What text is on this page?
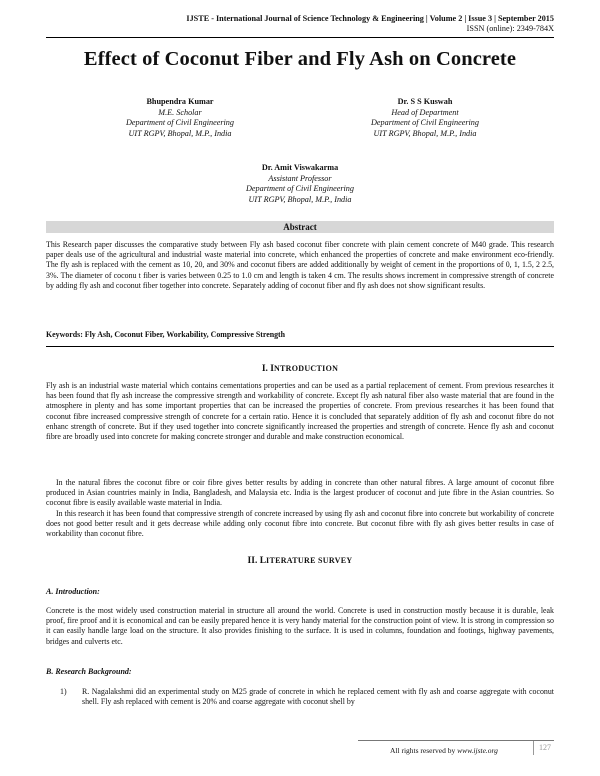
IJSTE - International Journal of Science Technology & Engineering | Volume 2 | Issue 3 | September 2015
ISSN (online): 2349-784X
Effect of Coconut Fiber and Fly Ash on Concrete
Bhupendra Kumar
M.E. Scholar
Department of Civil Engineering
UIT RGPV, Bhopal, M.P., India
Dr. S S Kuswah
Head of Department
Department of Civil Engineering
UIT RGPV, Bhopal, M.P., India
Dr. Amit Viswakarma
Assistant Professor
Department of Civil Engineering
UIT RGPV, Bhopal, M.P., India
Abstract
This Research paper discusses the comparative study between Fly ash based coconut fiber concrete with plain cement concrete of M40 grade. This research paper deals use of the agricultural and industrial waste material into concrete, which enhanced the properties of concrete and make environment eco-friendly. The fly ash is replaced with the cement as 10, 20, and 30% and coconut fibers are added additionally by weight of cement in the proportions of 0, 1, 1.5, 2 2.5, 3%. The diameter of coconu t fiber is varies between 0.25 to 1.0 cm and length is taken 4 cm. The results shows increment in compressive strength of concrete by adding fly ash and coconut fiber together into concrete. Separately adding of coconut fiber and fly ash does not show significant results.
Keywords: Fly Ash, Coconut Fiber, Workability, Compressive Strength
I. INTRODUCTION
Fly ash is an industrial waste material which contains cementations properties and can be used as a partial replacement of cement. From previous researches it has been found that fly ash increase the compressive strength and workability of concrete. Except fly ash natural fiber also waste material that are found in the atmosphere in plenty and has some important properties that can be increased the properties of concrete. From previous researches it has been found that coconut fibre increased compressive strength of concrete for a certain ratio. Hence it is concluded that separately addition of fly ash and coconut fibre do not enhanc strength of concrete. But if they used together into concrete significantly increased the properties and strength of concrete. Hence fly ash and coconut fibre are broadly used into concrete for making concrete stronger and durable and make construction economical.
In the natural fibres the coconut fibre or coir fibre gives better results by adding in concrete than other natural fibres. A large amount of coconut fibre produced in Asian countries mainly in India, Bangladesh, and Malaysia etc. India is the largest producer of coconut and jute fibre in the Asian countries. So coconut fibre is easily available waste material in India.
In this research it has been found that compressive strength of concrete increased by using fly ash and coconut fibre into concrete but workability of concrete does not good better result and it gets decrease while adding only coconut fibre into concrete. But coconut fibre with fly ash gives better results in case of workability than coconut fibre.
II. LITERATURE SURVEY
A. Introduction:
Concrete is the most widely used construction material in structure all around the world. Concrete is used in construction mostly because it is durable, leak proof, fire proof and it is economical and can be easily prepared hence it is very handy material for the construction point of view. It is strong in compression so it can easily handle large load on the structure. It also provides finishing to the surface. It is used in columns, foundation and footings, highway pavements, bridges and culverts etc.
B. Research Background:
1) R. Nagalakshmi did an experimental study on M25 grade of concrete in which he replaced cement with fly ash and coarse aggregate with coconut shell. Fly ash replaced with cement is 20% and coarse aggregate with coconut shell by
All rights reserved by www.ijste.org	127
